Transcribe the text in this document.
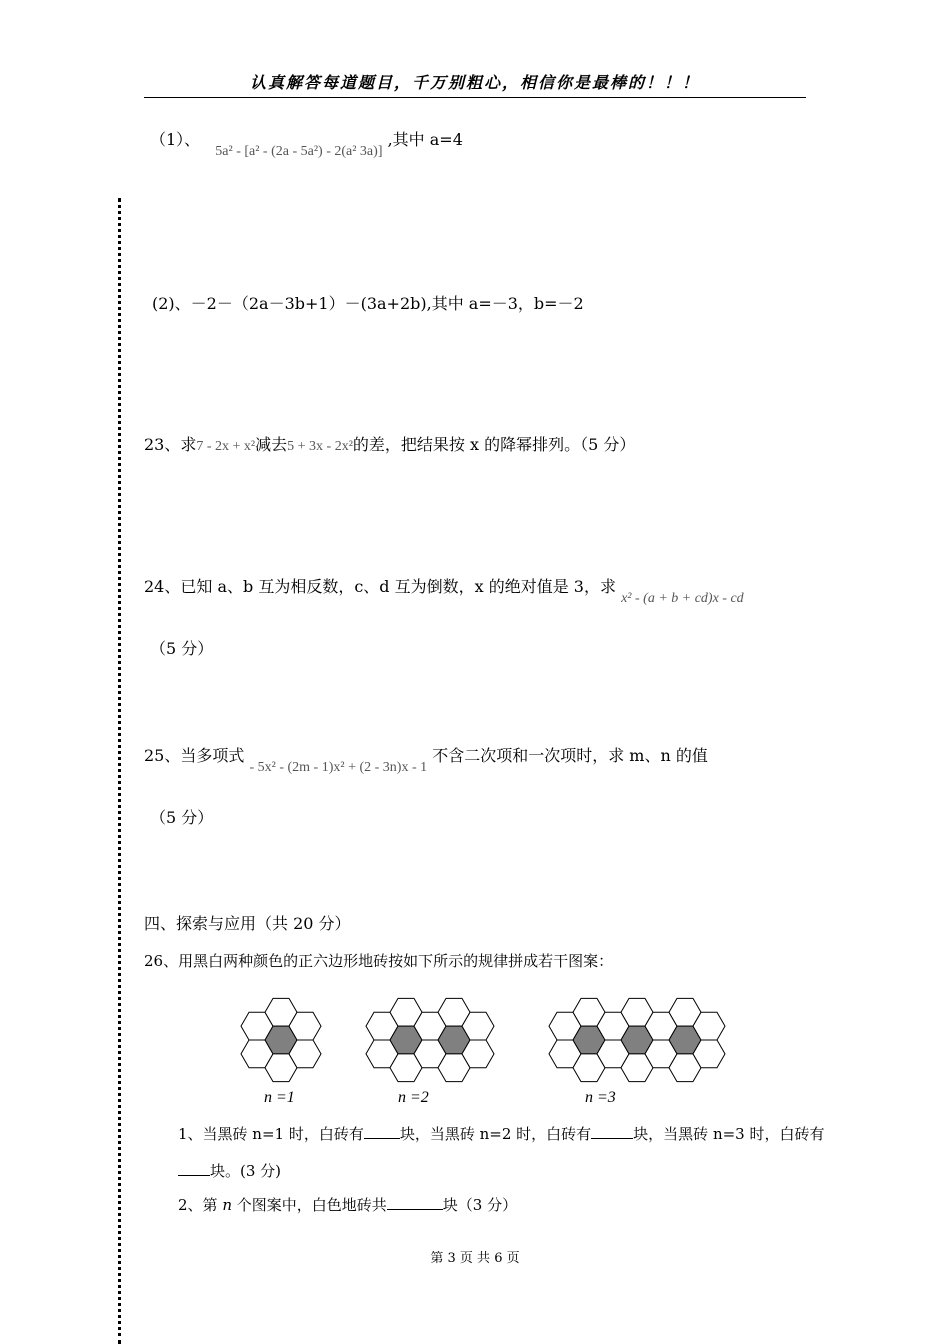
认真解答每道题目，千万别粗心，相信你是最棒的！！！
（1）、 5a² - [a² - (2a - 5a²) - 2(a² 3a)] ,其中 a=4
(2)、－2－（2a－3b+1）－(3a+2b),其中 a=－3，b=－2
23、求7 - 2x + x²减去5 + 3x - 2x²的差，把结果按 x 的降幂排列。（5 分）
24、已知 a、b 互为相反数，c、d 互为倒数，x 的绝对值是 3，求 x² - (a + b + cd)x - cd
（5 分）
25、当多项式 - 5x² - (2m - 1)x² + (2 - 3n)x - 1 不含二次项和一次项时，求 m、n 的值
（5 分）
四、探索与应用（共 20 分）
26、用黑白两种颜色的正六边形地砖按如下所示的规律拼成若干图案：
n =1	n =2	n =3
1、当黑砖 n=1 时，白砖有 块，当黑砖 n=2 时，白砖有	块，当黑砖 n=3 时，白砖有
块。(3 分)
2、第 n 个图案中，白色地砖共	块（3 分）
第 3 页 共 6 页
